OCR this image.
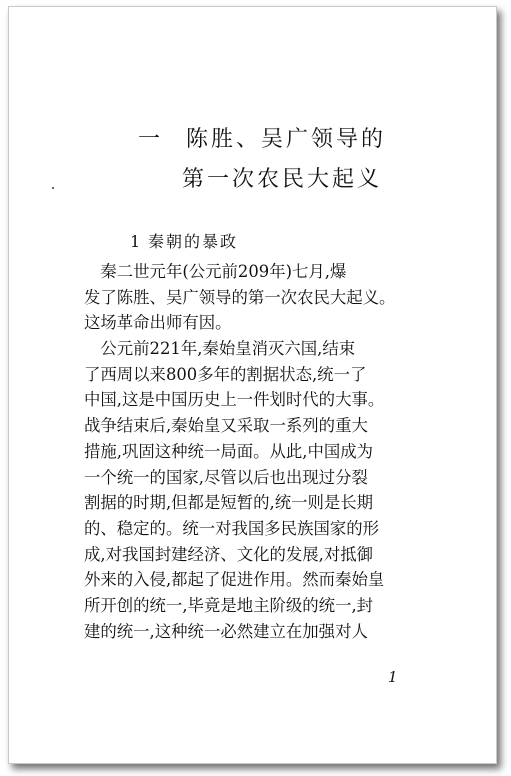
一 陈胜、吴广领导的
第一次农民大起义
1 秦朝的暴政
　秦二世元年(公元前209年)七月,爆
发了陈胜、吴广领导的第一次农民大起义。
这场革命出师有因。
　公元前221年,秦始皇消灭六国,结束
了西周以来800多年的割据状态,统一了
中国,这是中国历史上一件划时代的大事。
战争结束后,秦始皇又采取一系列的重大
措施,巩固这种统一局面。从此,中国成为
一个统一的国家,尽管以后也出现过分裂
割据的时期,但都是短暂的,统一则是长期
的、稳定的。统一对我国多民族国家的形
成,对我国封建经济、文化的发展,对抵御
外来的入侵,都起了促进作用。然而秦始皇
所开创的统一,毕竟是地主阶级的统一,封
建的统一,这种统一必然建立在加强对人
1
